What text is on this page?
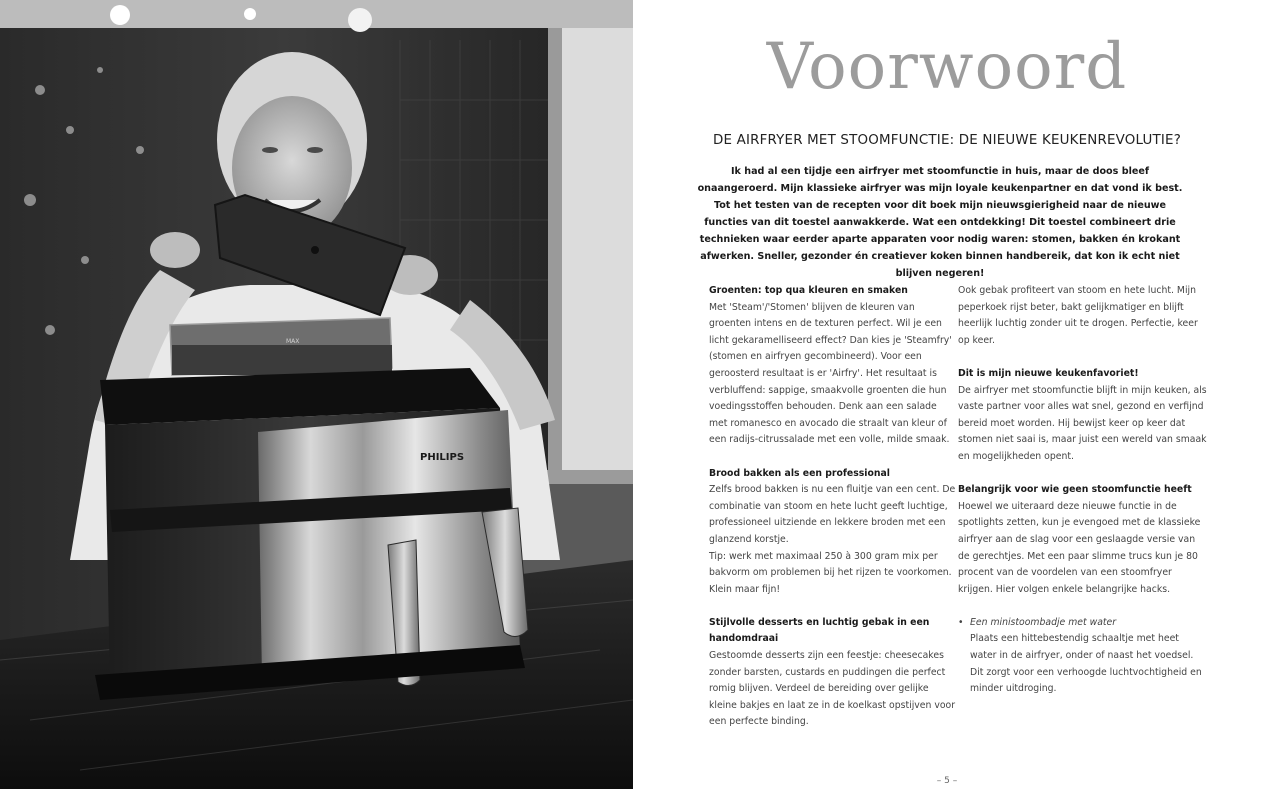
PHILIPS
MAX
Voorwoord
DE AIRFRYER MET STOOMFUNCTIE: DE NIEUWE KEUKENREVOLUTIE?

Ik had al een tijdje een airfryer met stoomfunctie in huis, maar de doos bleef onaangeroerd. Mijn klassieke airfryer was mijn loyale keukenpartner en dat vond ik best. Tot het testen van de recepten voor dit boek mijn nieuwsgierigheid naar de nieuwe functies van dit toestel aanwakkerde. Wat een ontdekking! Dit toestel combineert drie technieken waar eerder aparte apparaten voor nodig waren: stomen, bakken én krokant afwerken. Sneller, gezonder én creatiever koken binnen handbereik, dat kon ik echt niet blijven negeren!

Groenten: top qua kleuren en smaken

Met 'Steam'/'Stomen' blijven de kleuren van groenten intens en de texturen perfect. Wil je een licht gekaramelliseerd effect? Dan kies je 'Steamfry' (stomen en airfryen gecombineerd). Voor een geroosterd resultaat is er 'Airfry'. Het resultaat is verbluffend: sappige, smaakvolle groenten die hun voedingsstoffen behouden. Denk aan een salade met romanesco en avocado die straalt van kleur of een radijs-citrussalade met een volle, milde smaak.

Brood bakken als een professional

Zelfs brood bakken is nu een fluitje van een cent. De combinatie van stoom en hete lucht geeft luchtige, professioneel uitziende en lekkere broden met een glanzend korstje.

Tip: werk met maximaal 250 à 300 gram mix per bakvorm om problemen bij het rijzen te voorkomen. Klein maar fijn!

Stijlvolle desserts en luchtig gebak in een handomdraai

Gestoomde desserts zijn een feestje: cheesecakes zonder barsten, custards en puddingen die perfect romig blijven. Verdeel de bereiding over gelijke kleine bakjes en laat ze in de koelkast opstijven voor een perfecte binding.

Ook gebak profiteert van stoom en hete lucht. Mijn peperkoek rijst beter, bakt gelijkmatiger en blijft heerlijk luchtig zonder uit te drogen. Perfectie, keer op keer.

Dit is mijn nieuwe keukenfavoriet!

De airfryer met stoomfunctie blijft in mijn keuken, als vaste partner voor alles wat snel, gezond en verfijnd bereid moet worden. Hij bewijst keer op keer dat stomen niet saai is, maar juist een wereld van smaak en mogelijkheden opent.

Belangrijk voor wie geen stoomfunctie heeft

Hoewel we uiteraard deze nieuwe functie in de spotlights zetten, kun je evengoed met de klassieke airfryer aan de slag voor een geslaagde versie van de gerechtjes. Met een paar slimme trucs kun je 80 procent van de voordelen van een stoomfryer krijgen. Hier volgen enkele belangrijke hacks.

• Een ministoombadje met water

Plaats een hittebestendig schaaltje met heet water in de airfryer, onder of naast het voedsel. Dit zorgt voor een verhoogde luchtvochtigheid en minder uitdroging.

– 5 –
